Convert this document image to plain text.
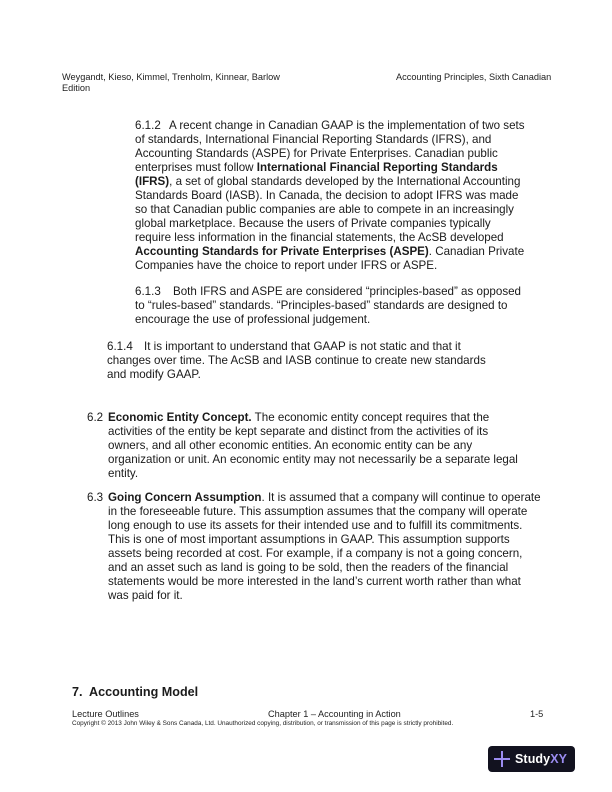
Weygandt, Kieso, Kimmel, Trenholm, Kinnear, Barlow
Edition
Accounting Principles, Sixth Canadian
6.1.2 A recent change in Canadian GAAP is the implementation of two sets of standards, International Financial Reporting Standards (IFRS), and Accounting Standards (ASPE) for Private Enterprises. Canadian public enterprises must follow International Financial Reporting Standards (IFRS), a set of global standards developed by the International Accounting Standards Board (IASB). In Canada, the decision to adopt IFRS was made so that Canadian public companies are able to compete in an increasingly global marketplace. Because the users of Private companies typically require less information in the financial statements, the AcSB developed Accounting Standards for Private Enterprises (ASPE). Canadian Private Companies have the choice to report under IFRS or ASPE.
6.1.3 Both IFRS and ASPE are considered “principles-based” as opposed to “rules-based” standards. “Principles-based” standards are designed to encourage the use of professional judgement.
6.1.4 It is important to understand that GAAP is not static and that it changes over time. The AcSB and IASB continue to create new standards and modify GAAP.
6.2 Economic Entity Concept. The economic entity concept requires that the activities of the entity be kept separate and distinct from the activities of its owners, and all other economic entities. An economic entity can be any organization or unit. An economic entity may not necessarily be a separate legal entity.
6.3 Going Concern Assumption. It is assumed that a company will continue to operate in the foreseeable future. This assumption assumes that the company will operate long enough to use its assets for their intended use and to fulfill its commitments. This is one of most important assumptions in GAAP. This assumption supports assets being recorded at cost. For example, if a company is not a going concern, and an asset such as land is going to be sold, then the readers of the financial statements would be more interested in the land’s current worth rather than what was paid for it.
7.  Accounting Model
Lecture Outlines	Chapter 1 – Accounting in Action	1-5
Copyright © 2013 John Wiley & Sons Canada, Ltd. Unauthorized copying, distribution, or transmission of this page is strictly prohibited.
StudyXY
